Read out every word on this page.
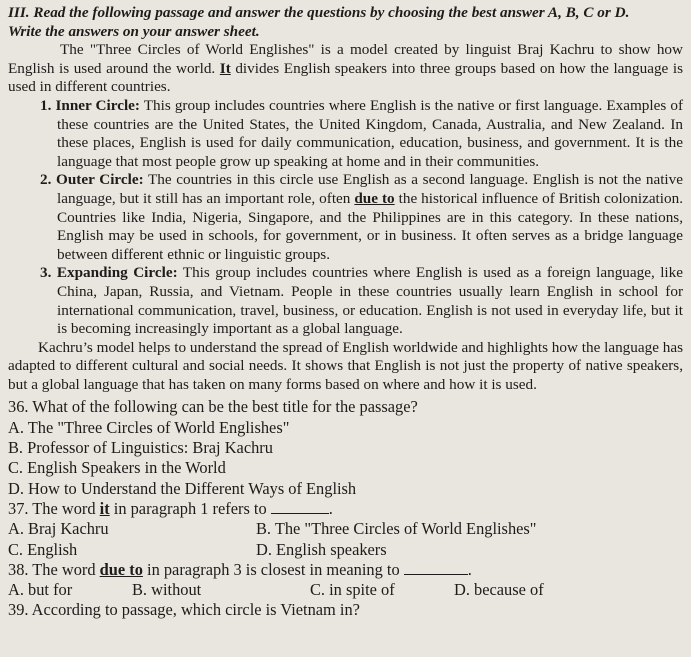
III. Read the following passage and answer the questions by choosing the best answer A, B, C or D.
Write the answers on your answer sheet.

The "Three Circles of World Englishes" is a model created by linguist Braj Kachru to show how English is used around the world. It divides English speakers into three groups based on how the language is used in different countries.

1. Inner Circle: This group includes countries where English is the native or first language. Examples of these countries are the United States, the United Kingdom, Canada, Australia, and New Zealand. In these places, English is used for daily communication, education, business, and government. It is the language that most people grow up speaking at home and in their communities.

2. Outer Circle: The countries in this circle use English as a second language. English is not the native language, but it still has an important role, often due to the historical influence of British colonization. Countries like India, Nigeria, Singapore, and the Philippines are in this category. In these nations, English may be used in schools, for government, or in business. It often serves as a bridge language between different ethnic or linguistic groups.

3. Expanding Circle: This group includes countries where English is used as a foreign language, like China, Japan, Russia, and Vietnam. People in these countries usually learn English in school for international communication, travel, business, or education. English is not used in everyday life, but it is becoming increasingly important as a global language.

Kachru’s model helps to understand the spread of English worldwide and highlights how the language has adapted to different cultural and social needs. It shows that English is not just the property of native speakers, but a global language that has taken on many forms based on where and how it is used.

36. What of the following can be the best title for the passage?
A. The "Three Circles of World Englishes"
B. Professor of Linguistics: Braj Kachru
C. English Speakers in the World
D. How to Understand the Different Ways of English
37. The word it in paragraph 1 refers to	.
A. Braj Kachru	B. The "Three Circles of World Englishes"
C. English	D. English speakers
38. The word due to in paragraph 3 is closest in meaning to	.
A. but for	B. without	C. in spite of	D. because of
39. According to passage, which circle is Vietnam in?
